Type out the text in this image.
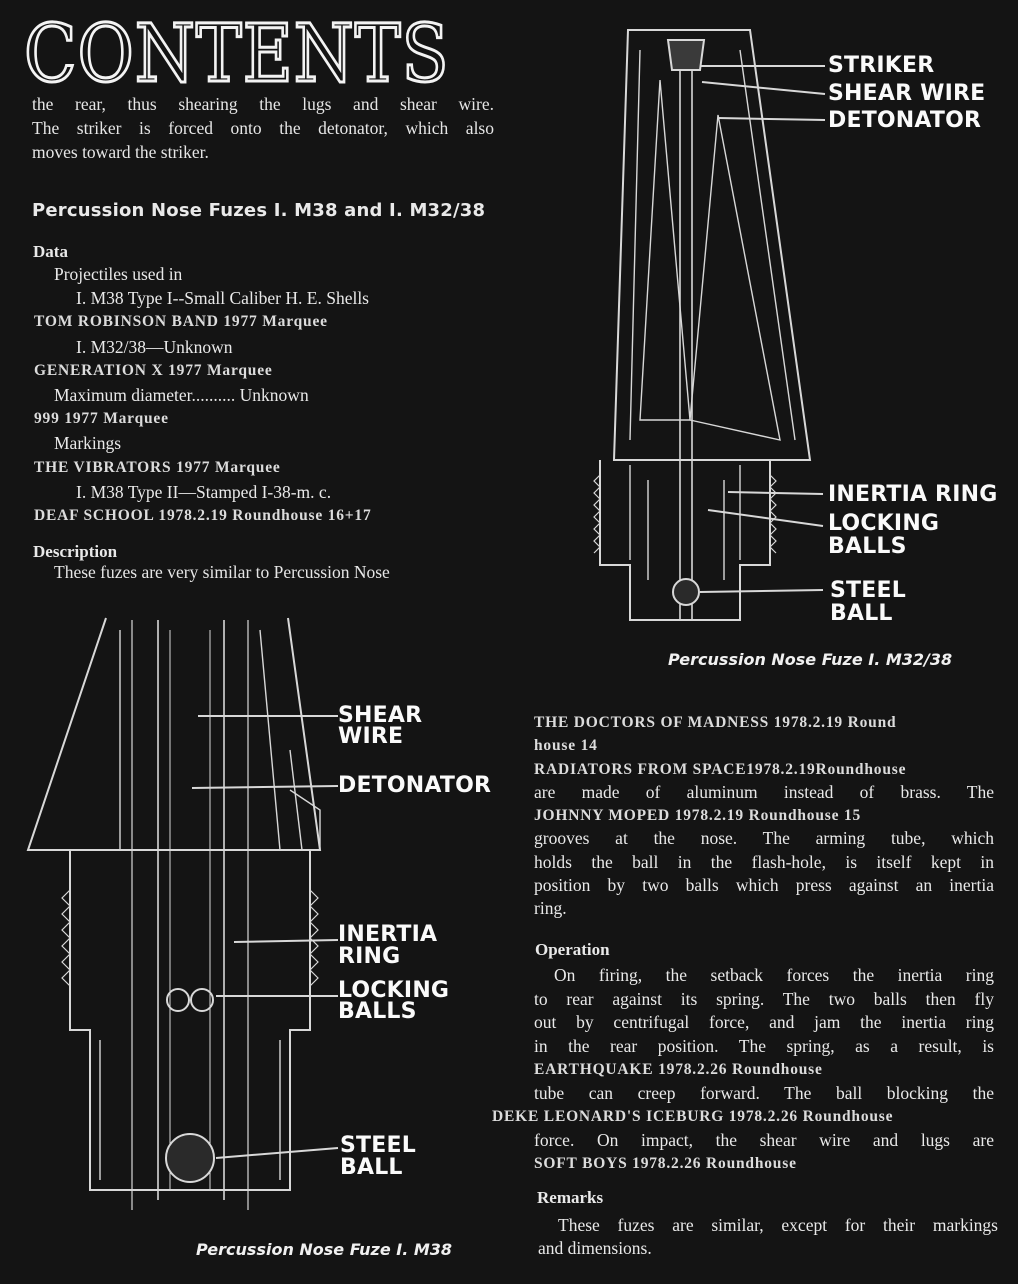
CONTENTS
the rear, thus shearing the lugs and shear wire.
The striker is forced onto the detonator, which also
moves toward the striker.
Percussion Nose Fuzes I. M38 and I. M32/38
Data
Projectiles used in
I. M38 Type I--Small Caliber H. E. Shells
TOM ROBINSON BAND 1977 Marquee
I. M32/38—Unknown
GENERATION X 1977 Marquee
Maximum diameter.......... Unknown
999 1977 Marquee
Markings
THE VIBRATORS 1977 Marquee
I. M38 Type II—Stamped I-38-m. c.
DEAF SCHOOL 1978.2.19 Roundhouse 16+17
Description
These fuzes are very similar to Percussion Nose
THE DOCTORS OF MADNESS 1978.2.19 Round
house 14
RADIATORS FROM SPACE1978.2.19Roundhouse
are made of aluminum instead of brass. The
JOHNNY MOPED 1978.2.19 Roundhouse 15
grooves at the nose. The arming tube, which
holds the ball in the flash-hole, is itself kept in
position by two balls which press against an inertia
ring.
Operation
On firing, the setback forces the inertia ring
to rear against its spring. The two balls then fly
out by centrifugal force, and jam the inertia ring
in the rear position. The spring, as a result, is
EARTHQUAKE 1978.2.26 Roundhouse
tube can creep forward. The ball blocking the
DEKE LEONARD'S ICEBURG 1978.2.26 Roundhouse
force. On impact, the shear wire and lugs are
SOFT BOYS 1978.2.26 Roundhouse
Remarks
These fuzes are similar, except for their markings
and dimensions.
STRIKER
SHEAR WIRE
DETONATOR
INERTIA RING
LOCKING
BALLS
STEEL
BALL
Percussion Nose Fuze I. M32/38
SHEAR
WIRE
DETONATOR
INERTIA
RING
LOCKING
BALLS
STEEL
BALL
Percussion Nose Fuze I. M38
